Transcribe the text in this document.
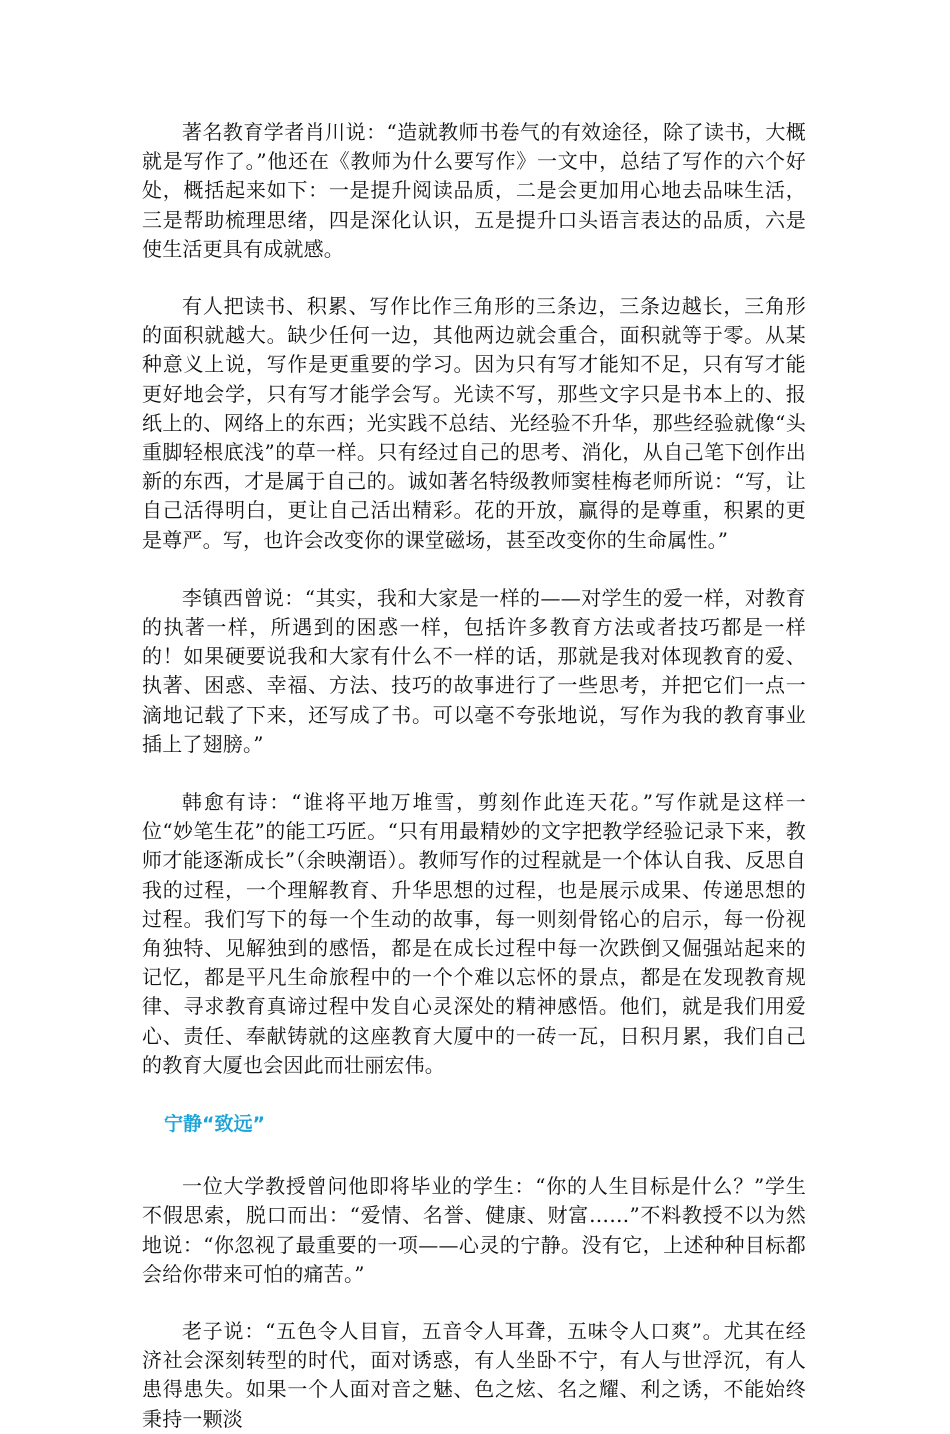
著名教育学者肖川说：“造就教师书卷气的有效途径，除了读书，大概就是写作了。”他还在《教师为什么要写作》一文中，总结了写作的六个好处，概括起来如下：一是提升阅读品质，二是会更加用心地去品味生活，三是帮助梳理思绪，四是深化认识，五是提升口头语言表达的品质，六是使生活更具有成就感。

有人把读书、积累、写作比作三角形的三条边，三条边越长，三角形的面积就越大。缺少任何一边，其他两边就会重合，面积就等于零。从某种意义上说，写作是更重要的学习。因为只有写才能知不足，只有写才能更好地会学，只有写才能学会写。光读不写，那些文字只是书本上的、报纸上的、网络上的东西；光实践不总结、光经验不升华，那些经验就像“头重脚轻根底浅”的草一样。只有经过自己的思考、消化，从自己笔下创作出新的东西，才是属于自己的。诚如著名特级教师窦桂梅老师所说：“写，让自己活得明白，更让自己活出精彩。花的开放，赢得的是尊重，积累的更是尊严。写，也许会改变你的课堂磁场，甚至改变你的生命属性。”

李镇西曾说：“其实，我和大家是一样的——对学生的爱一样，对教育的执著一样，所遇到的困惑一样，包括许多教育方法或者技巧都是一样的！如果硬要说我和大家有什么不一样的话，那就是我对体现教育的爱、执著、困惑、幸福、方法、技巧的故事进行了一些思考，并把它们一点一滴地记载了下来，还写成了书。可以毫不夸张地说，写作为我的教育事业插上了翅膀。”

韩愈有诗：“谁将平地万堆雪，剪刻作此连天花。”写作就是这样一位“妙笔生花”的能工巧匠。“只有用最精妙的文字把教学经验记录下来，教师才能逐渐成长”（余映潮语）。教师写作的过程就是一个体认自我、反思自我的过程，一个理解教育、升华思想的过程，也是展示成果、传递思想的过程。我们写下的每一个生动的故事，每一则刻骨铭心的启示，每一份视角独特、见解独到的感悟，都是在成长过程中每一次跌倒又倔强站起来的记忆，都是平凡生命旅程中的一个个难以忘怀的景点，都是在发现教育规律、寻求教育真谛过程中发自心灵深处的精神感悟。他们，就是我们用爱心、责任、奉献铸就的这座教育大厦中的一砖一瓦，日积月累，我们自己的教育大厦也会因此而壮丽宏伟。

宁静“致远”

一位大学教授曾问他即将毕业的学生：“你的人生目标是什么？”学生不假思索，脱口而出：“爱情、名誉、健康、财富……”不料教授不以为然地说：“你忽视了最重要的一项——心灵的宁静。没有它，上述种种目标都会给你带来可怕的痛苦。”

老子说：“五色令人目盲，五音令人耳聋，五味令人口爽”。尤其在经济社会深刻转型的时代，面对诱惑，有人坐卧不宁，有人与世浮沉，有人患得患失。如果一个人面对音之魅、色之炫、名之耀、利之诱，不能始终秉持一颗淡
